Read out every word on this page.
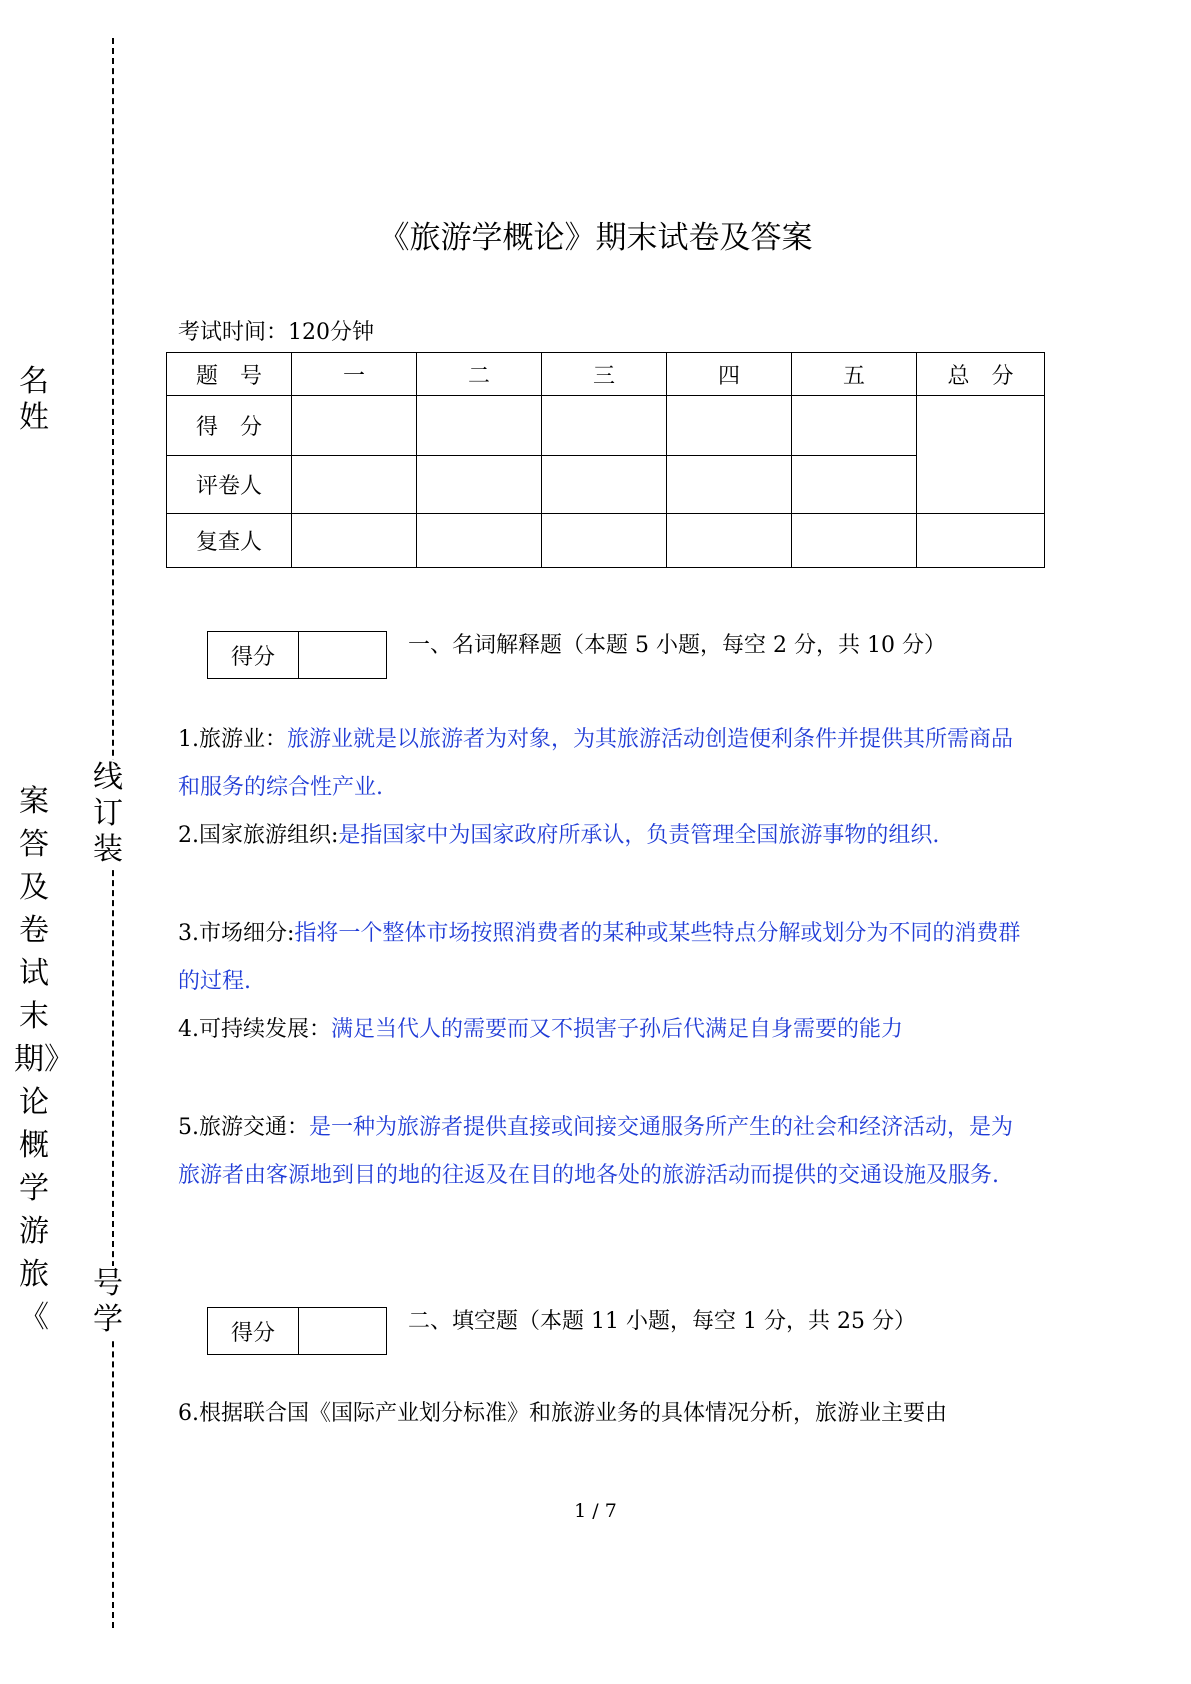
名姓
线订装
案答及卷试末期》论概学游旅《
号学
《旅游学概论》期末试卷及答案
考试时间：120分钟
题　号	一	二	三	四	五	总　分
得　分						
评卷人						
复查人						
得分	一、名词解释题（本题 5 小题，每空 2 分，共 10 分）
1.旅游业：旅游业就是以旅游者为对象，为其旅游活动创造便利条件并提供其所需商品和服务的综合性产业.
2.国家旅游组织:是指国家中为国家政府所承认，负责管理全国旅游事物的组织.
3.市场细分:指将一个整体市场按照消费者的某种或某些特点分解或划分为不同的消费群的过程.
4.可持续发展：满足当代人的需要而又不损害子孙后代满足自身需要的能力
5.旅游交通：是一种为旅游者提供直接或间接交通服务所产生的社会和经济活动，是为旅游者由客源地到目的地的往返及在目的地各处的旅游活动而提供的交通设施及服务.
得分	二、填空题（本题 11 小题，每空 1 分，共 25 分）
6.根据联合国《国际产业划分标准》和旅游业务的具体情况分析，旅游业主要由
1 / 7
